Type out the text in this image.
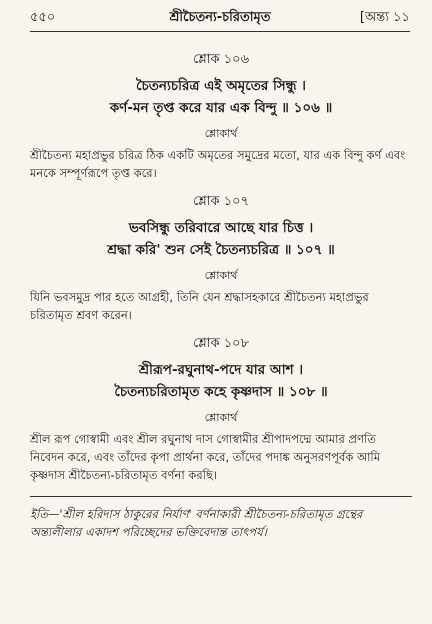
৫৫০	শ্রীচৈতন্য-চরিতামৃত	[অন্ত্য ১১
শ্লোক ১০৬
চৈতন্যচরিত্র এই অমৃতের সিন্ধু ।
কর্ণ-মন তৃপ্ত করে যার এক বিন্দু ॥ ১০৬ ॥
শ্লোকার্থ

শ্রীচৈতন্য মহাপ্রভুর চরিত্র ঠিক একটি অমৃতের সমুদ্রের মতো, যার এক বিন্দু কর্ণ এবং মনকে সম্পূর্ণরূপে তৃপ্ত করে।

শ্লোক ১০৭
ভবসিন্ধু তরিবারে আছে যার চিত্ত ।
শ্রদ্ধা করি' শুন সেই চৈতন্যচরিত্র ॥ ১০৭ ॥
শ্লোকার্থ

যিনি ভবসমুদ্র পার হতে আগ্রহী, তিনি যেন শ্রদ্ধাসহকারে শ্রীচৈতন্য মহাপ্রভুর চরিতামৃত শ্রবণ করেন।

শ্লোক ১০৮
শ্রীরূপ-রঘুনাথ-পদে যার আশ ।
চৈতন্যচরিতামৃত কহে কৃষ্ণদাস ॥ ১০৮ ॥
শ্লোকার্থ

শ্রীল রূপ গোস্বামী এবং শ্রীল রঘুনাথ দাস গোস্বামীর শ্রীপাদপদ্মে আমার প্রণতি নিবেদন করে, এবং তাঁদের কৃপা প্রার্থনা করে, তাঁদের পদাঙ্ক অনুসরণপূর্বক আমি কৃষ্ণদাস শ্রীচৈতন্য-চরিতামৃত বর্ণনা করছি।

ইতি—'শ্রীল হরিদাস ঠাকুরের নির্যাণ' বর্ণনাকারী শ্রীচৈতন্য-চরিতামৃত গ্রন্থের অন্ত্যলীলার একাদশ পরিচ্ছেদের ভক্তিবেদান্ত তাৎপর্য।
